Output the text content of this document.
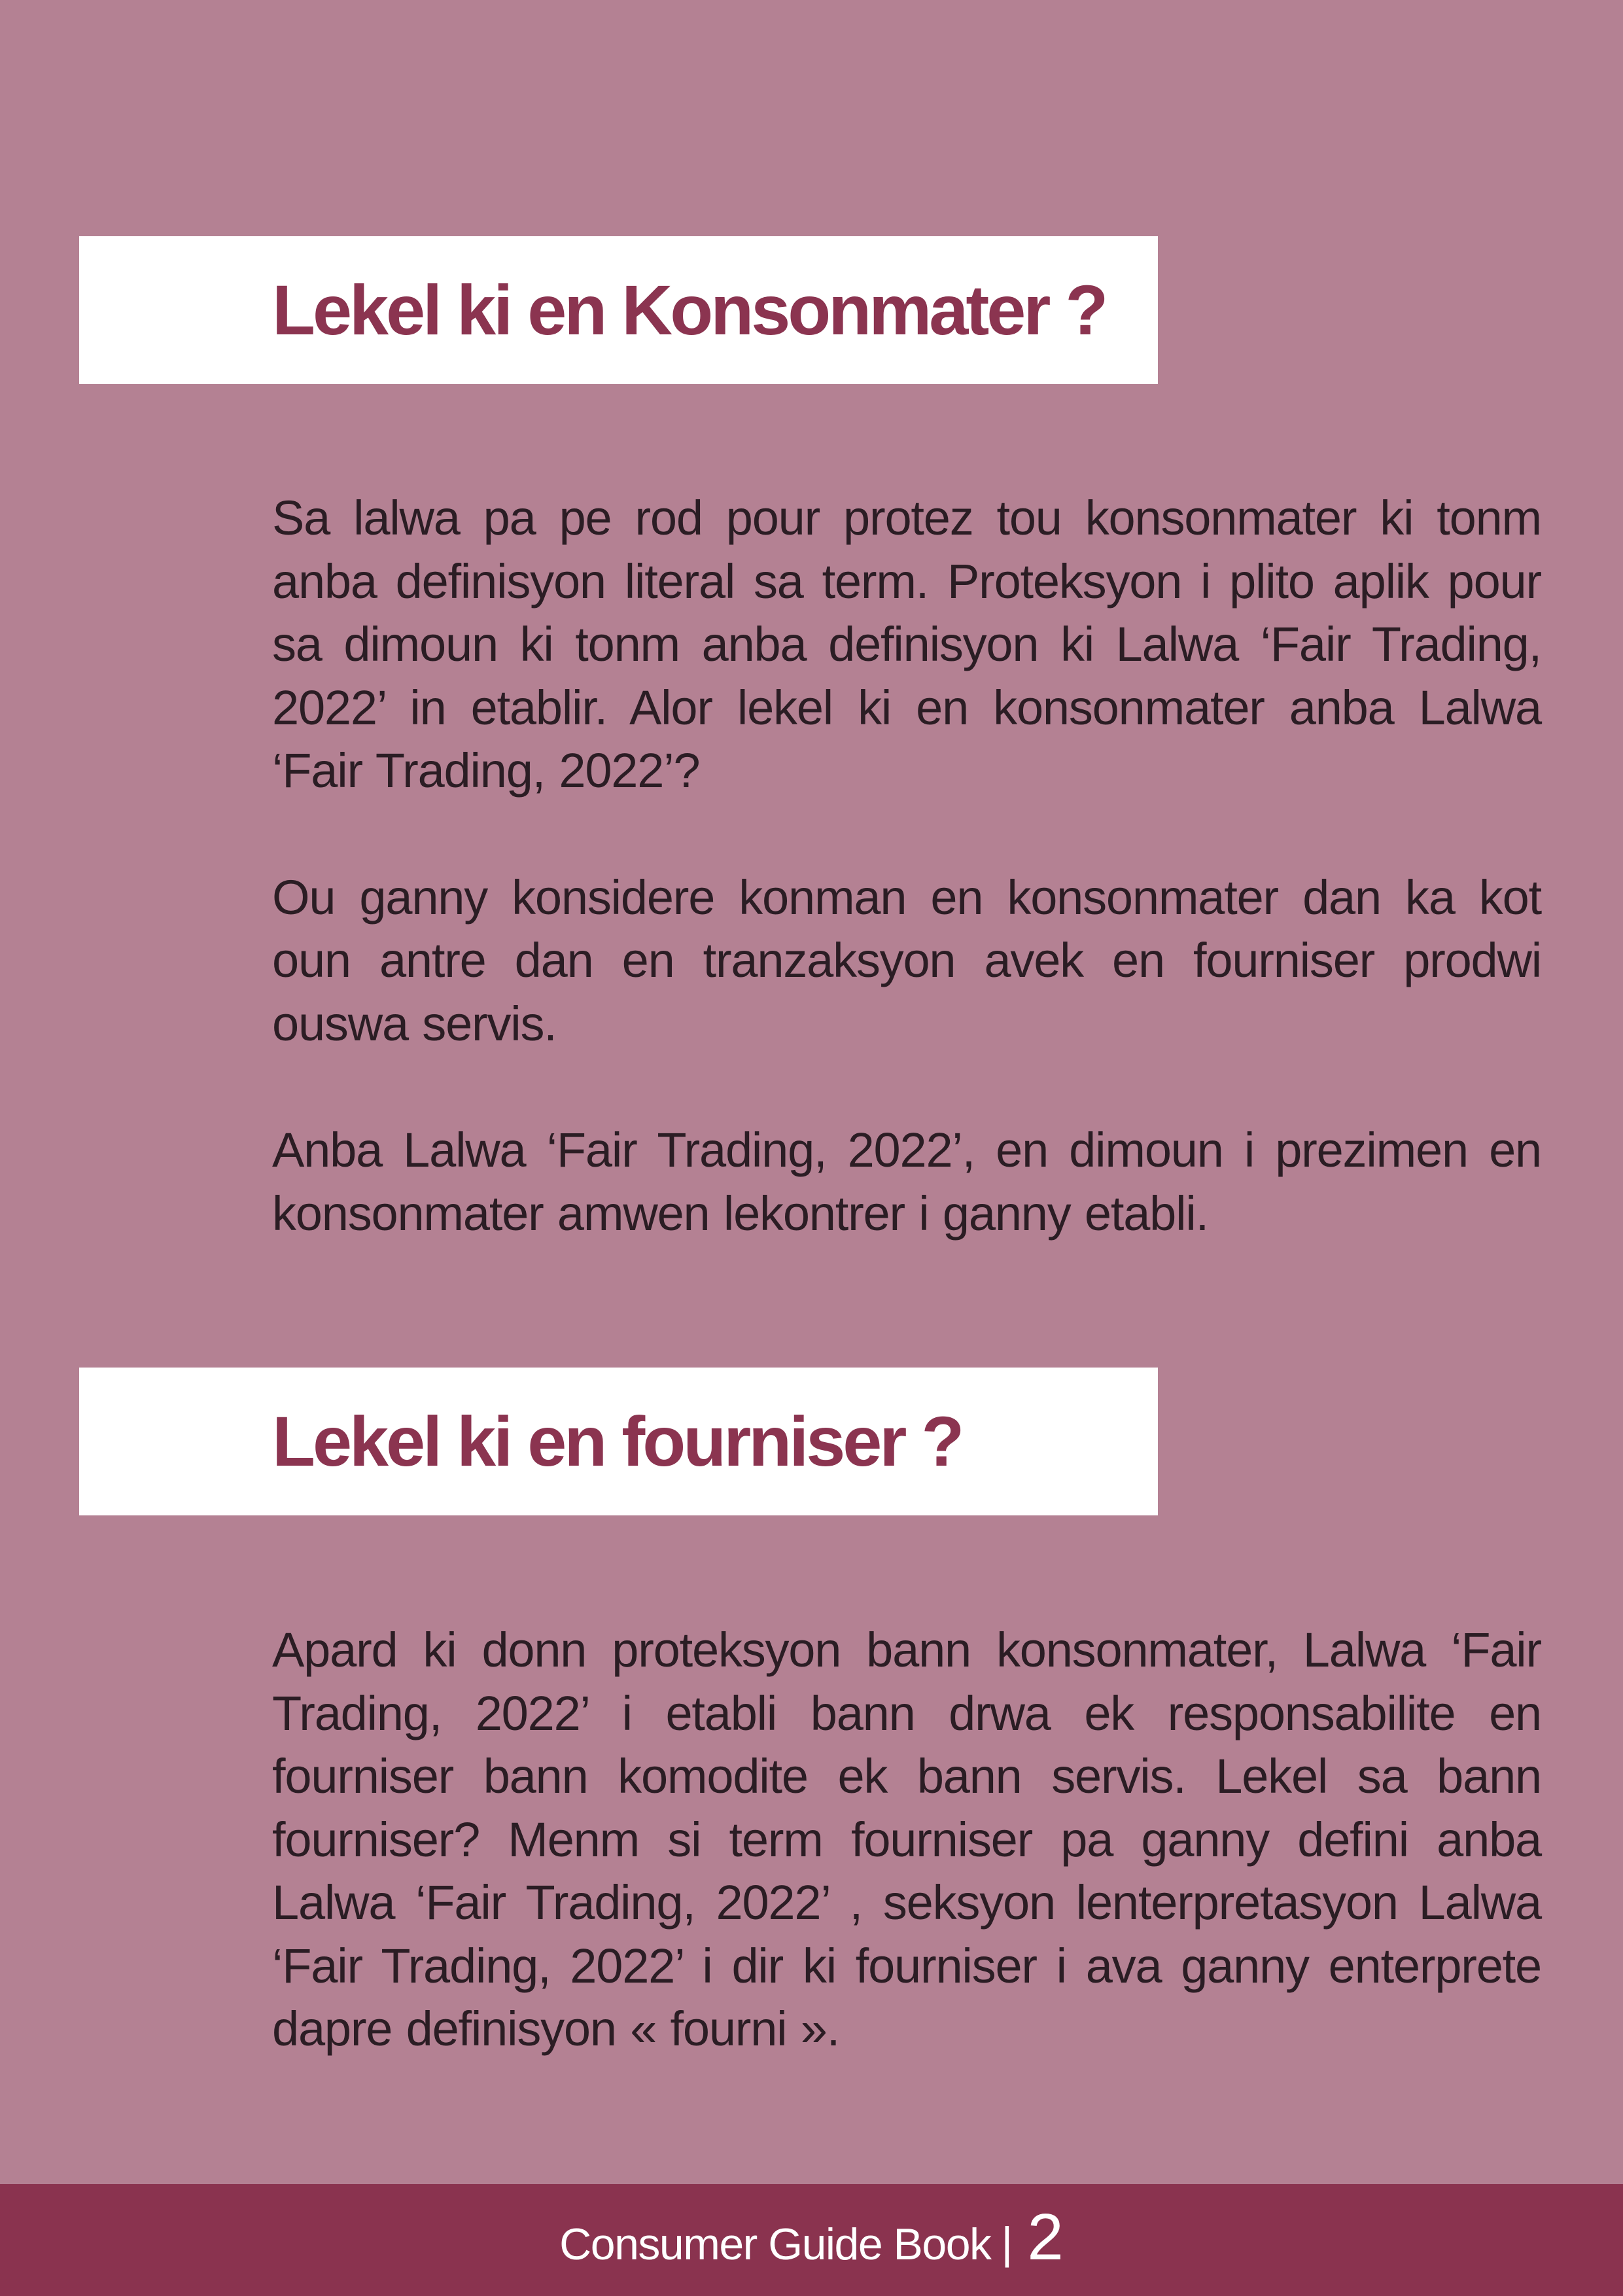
Lekel ki en Konsonmater ?

Sa lalwa pa pe rod pour protez tou konsonmater ki tonm anba definisyon literal sa term. Proteksyon i plito aplik pour sa dimoun ki tonm anba definisyon ki Lalwa ‘Fair Trading, 2022’ in etablir. Alor lekel ki en konsonmater anba Lalwa ‘Fair Trading, 2022’?

Ou ganny konsidere konman en konsonmater dan ka kot oun antre dan en tranzaksyon avek en fourniser prodwi ouswa servis.

Anba Lalwa ‘Fair Trading, 2022’, en dimoun i prezimen en konsonmater amwen lekontrer i ganny etabli.

Lekel ki en fourniser ?

Apard ki donn proteksyon bann konsonmater, Lalwa ‘Fair Trading, 2022’ i etabli bann drwa ek responsabilite en fourniser bann komodite ek bann servis. Lekel sa bann fourniser? Menm si term fourniser pa ganny defini anba Lalwa ‘Fair Trading, 2022’ , seksyon lenterpretasyon Lalwa ‘Fair Trading, 2022’ i dir ki fourniser i ava ganny enterprete dapre definisyon « fourni ».

Consumer Guide Book | 2
